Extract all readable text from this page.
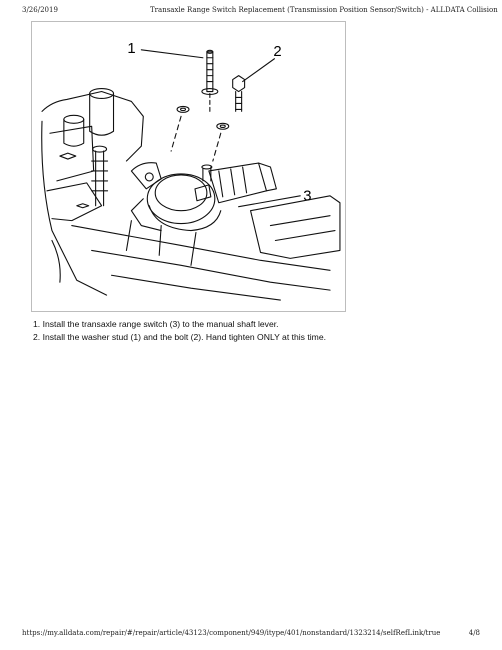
3/26/2019	Transaxle Range Switch Replacement (Transmission Position Sensor/Switch) - ALLDATA Collision
1	2
3
1. Install the transaxle range switch (3) to the manual shaft lever.
2. Install the washer stud (1) and the bolt (2). Hand tighten ONLY at this time.
https://my.alldata.com/repair/#/repair/article/43123/component/949/itype/401/nonstandard/1323214/selfRefLink/true	4/8
